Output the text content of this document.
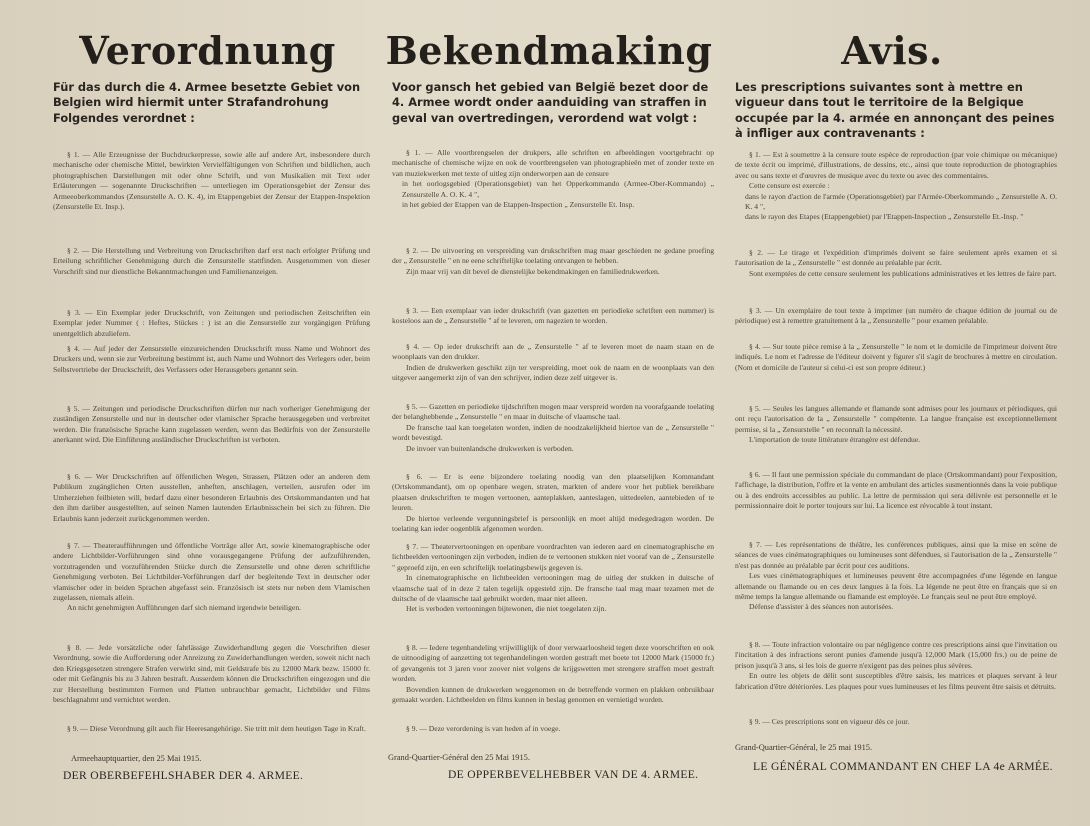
Verordnung
Für das durch die 4. Armee besetzte Gebiet von Belgien wird hiermit unter Strafandrohung Folgendes verordnet :

§ 1. — Alle Erzeugnisse der Buchdruckerpresse, sowie alle auf andere Art, insbesondere durch mechanische oder chemische Mittel, bewirkten Vervielfältigungen von Schriften und bildlichen, auch photographischen Darstellungen mit oder ohne Schrift, und von Musikalien mit Text oder Erläuterungen — sogenannte Druckschriften — unterliegen im Operationsgebiet der Zensur des Armeeoberkommandos (Zensurstelle A. O. K. 4), im Etappengebiet der Zensur der Etappen-Inspektion (Zensurstelle Et. Insp.).

§ 2. — Die Herstellung und Verbreitung von Druckschriften darf erst nach erfolgter Prüfung und Erteilung schriftlicher Genehmigung durch die Zensurstelle stattfinden. Ausgenommen von dieser Vorschrift sind nur dienstliche Bekanntmachungen und Familienanzeigen.

§ 3. — Ein Exemplar jeder Druckschrift, von Zeitungen und periodischen Zeitschriften ein Exemplar jeder Nummer ( : Heftes, Stückes : ) ist an die Zensurstelle zur vorgängigen Prüfung unentgeltlich abzuliefern.

§ 4. — Auf jeder der Zensurstelle einzureichenden Druckschrift muss Name und Wohnort des Druckers und, wenn sie zur Verbreitung bestimmt ist, auch Name und Wohnort des Verlegers oder, beim Selbstvertriebe der Druckschrift, des Verfassers oder Herausgebers genannt sein.

§ 5. — Zeitungen und periodische Druckschriften dürfen nur nach vorheriger Genehmigung der zuständigen Zensurstelle und nur in deutscher oder vlamischer Sprache herausgegeben und verbreitet werden. Die französische Sprache kann zugelassen werden, wenn das Bedürfnis von der Zensurstelle anerkannt wird. Die Einführung ausländischer Druckschriften ist verboten.

§ 6. — Wer Druckschriften auf öffentlichen Wegen, Strassen, Plätzen oder an anderen dem Publikum zugänglichen Orten ausstellen, anheften, anschlagen, verteilen, ausrufen oder im Umherziehen feilbieten will, bedarf dazu einer besonderen Erlaubnis des Ortskommandanten und hat den ihm darüber ausgestellten, auf seinen Namen lautenden Erlaubnisschein bei sich zu führen. Die Erlaubnis kann jederzeit zurückgenommen werden.

§ 7. — Theateraufführungen und öffentliche Vorträge aller Art, sowie kinematographische oder andere Lichtbilder-Vorführungen sind ohne vorausgegangene Prüfung der aufzuführenden, vorzutragenden und vorzuführenden Stücke durch die Zensurstelle und ohne deren schriftliche Genehmigung verboten. Bei Lichtbilder-Vorführungen darf der begleitende Text in deutscher oder vlamischer oder in beiden Sprachen abgefasst sein. Französisch ist stets nur neben dem Vlamischen zugelassen, niemals allein.

An nicht genehmigten Aufführungen darf sich niemand irgendwie beteiligen.

§ 8. — Jede vorsätzliche oder fahrlässige Zuwiderhandlung gegen die Vorschriften dieser Verordnung, sowie die Aufforderung oder Anreizung zu Zuwiderhandlungen werden, soweit nicht nach den Kriegsgesetzen strengere Strafen verwirkt sind, mit Geldstrafe bis zu 12000 Mark bezw. 15000 fr. oder mit Gefängnis bis zu 3 Jahren bestraft. Ausserdem können die Druckschriften eingezogen und die zur Herstellung bestimmten Formen und Platten unbrauchbar gemacht, Lichtbilder und Films beschlagnahmt und vernichtet werden.

§ 9. — Diese Verordnung gilt auch für Heeresangehörige. Sie tritt mit dem heutigen Tage in Kraft.

Armeehauptquartier, den 25 Mai 1915.
DER OBERBEFEHLSHABER DER 4. ARMEE.
Bekendmaking
Voor gansch het gebied van België bezet door de 4. Armee wordt onder aanduiding van straffen in geval van overtredingen, verordend wat volgt :

§ 1. — Alle voortbrengselen der drukpers, alle schriften en afbeeldingen voortgebracht op mechanische of chemische wijze en ook de voortbrengselen van photographieën met of zonder texte en van muziekwerken met texte of uitleg zijn onderworpen aan de censure

in het oorlogsgebied (Operationsgebiet) van het Opperkommando (Armee-Ober-Kommando) „ Zensurstelle A. O. K. 4 ",

in het gebied der Etappen van de Etappen-Inspection „ Zensurstelle Et. Insp.

§ 2. — De uitvoering en verspreiding van drukschriften mag maar geschieden ne gedane proefing der „ Zensurstelle " en ne eene schriftelijke toelating ontvangen te hebben.

Zijn maar vrij van dit bevel de dienstelijke bekendmakingen en familiedrukwerken.

§ 3. — Een exemplaar van ieder drukschrift (van gazetten en periodieke schriften een nummer) is kosteloos aan de „ Zensurstelle " af te leveren, om nagezien te worden.

§ 4. — Op ieder drukschrift aan de „ Zensurstelle " af te leveren moet de naam staan en de woonplaats van den drukker.

Indien de drukwerken geschikt zijn ter verspreiding, moet ook de naam en de woonplaats van den uitgever aangemerkt zijn of van den schrijver, indien deze zelf uitgever is.

§ 5. — Gazetten en periodieke tijdschriften mogen maar verspreid worden na voorafgaande toelating der belanghebbende „ Zensurstelle " en maar in duitsche of vlaamsche taal.

De fransche taal kan toegelaten worden, indien de noodzakelijkheid hiertoe van de „ Zensurstelle " wordt bevestigd.

De invoer van buitenlandsche drukwerken is verboden.

§ 6. — Er is eene bijzondere toelating noodig van den plaatselijken Kommandant (Ortskommandant), om op openbare wegen, straten, markten of andere voor het publiek bereikbare plaatsen drukschriften te mogen vertoonen, aanteplakken, aanteslagen, uittedeelen, aantebieden of te leuren.

De hiertoe verleende vergunningsbrief is persoonlijk en moet altijd medegedragen worden. De toelating kan ieder oogenblik afgenomen worden.

§ 7. — Theatervertooningen en openbare voordrachten van iederen aard en cinematographische en lichtbeelden vertooningen zijn verboden, indien de te vertoonen stukken niet vooraf van de „ Zensurstelle " geproefd zijn, en een schriftelijk toelatingsbewijs gegeven is.

In cinematographische en lichtbeelden vertooningen mag de uitleg der stukken in duitsche of vlaamsche taal of in deze 2 talen tegelijk opgesteld zijn. De fransche taal mag maar tezamen met de duitsche of de vlaamsche taal gebruikt worden, maar niet alleen.

Het is verboden vertooningen bijtewonen, die niet toegelaten zijn.

§ 8. — Iedere tegenhandeling vrijwilliglijk of door verwaarloosheid tegen deze voorschriften en ook de uitnoodiging of aanzetting tot tegenhandelingen worden gestraft met boete tot 12000 Mark (15000 fr.) of gevangenis tot 3 jaren voor zoover niet volgens de krijgswetten met strengere straffen moet gestraft worden.

Bovendien kunnen de drukwerken weggenomen en de betreffende vormen en plakken onbruikbaar gemaakt worden. Lichtbeelden en films kunnen in beslag genomen en vernietigd worden.

§ 9. — Deze verordening is van heden af in voege.

Grand-Quartier-Général den 25 Mai 1915.
DE OPPERBEVELHEBBER VAN DE 4. ARMEE.
Avis.
Les prescriptions suivantes sont à mettre en vigueur dans tout le territoire de la Belgique occupée par la 4. armée en annonçant des peines à infliger aux contravenants :

§ 1. — Est à soumettre à la censure toute espèce de reproduction (par voie chimique ou mécanique) de texte écrit ou imprimé, d'illustrations, de dessins, etc., ainsi que toute reproduction de photographies avec ou sans texte et d'œuvres de musique avec du texte ou avec des commentaires.

Cette censure est exercée :

dans le rayon d'action de l'armée (Operationsgebiet) par l'Armée-Oberkommando „ Zensurstelle A. O. K. 4 ",

dans le rayon des Etapes (Etappengebiet) par l'Etappen-Inspection „ Zensurstelle Et.-Insp. "

§ 2. — Le tirage et l'expédition d'imprimés doivent se faire seulement après examen et si l'autorisation de la „ Zensurstelle " est donnée au préalable par écrit.

Sont exemptées de cette censure seulement les publications administratives et les lettres de faire part.

§ 3. — Un exemplaire de tout texte à imprimer (un numéro de chaque édition de journal ou de périodique) est à remettre gratuitement à la „ Zensurstelle " pour examen préalable.

§ 4. — Sur toute pièce remise à la „ Zensurstelle " le nom et le domicile de l'imprimeur doivent être indiqués. Le nom et l'adresse de l'éditeur doivent y figurer s'il s'agit de brochures à mettre en circulation. (Nom et domicile de l'auteur si celui-ci est son propre éditeur.)

§ 5. — Seules les langues allemande et flamande sont admises pour les journaux et périodiques, qui ont reçu l'autorisation de la „ Zensurstelle " compétente. La langue française est exceptionnellement permise, si la „ Zensurstelle " en reconnaît la nécessité.

L'importation de toute littérature étrangère est défendue.

§ 6. — Il faut une permission spéciale du commandant de place (Ortskommandant) pour l'exposition, l'affichage, la distribution, l'offre et la vente en ambulant des articles susmentionnés dans la voie publique ou à des endroits accessibles au public. La lettre de permission qui sera délivrée est personnelle et le permissionnaire doit le porter toujours sur lui. La licence est révocable à tout instant.

§ 7. — Les représentations de théâtre, les conférences publiques, ainsi que la mise en scène de séances de vues cinématographiques ou lumineuses sont défendues, si l'autorisation de la „ Zensurstelle " n'est pas donnée au préalable par écrit pour ces auditions.

Les vues cinématographiques et lumineuses peuvent être accompagnées d'une légende en langue allemande ou flamande ou en ces deux langues à la fois. La légende ne peut être en français que si en même temps la langue allemande ou flamande est employée. Le français seul ne peut être employé.

Défense d'assister à des séances non autorisées.

§ 8. — Toute infraction volontaire ou par négligence contre ces prescriptions ainsi que l'invitation ou l'incitation à des infractions seront punies d'amende jusqu'à 12,000 Mark (15,000 frs.) ou de peine de prison jusqu'à 3 ans, si les lois de guerre n'exigent pas des peines plus sévères.

En outre les objets de délit sont susceptibles d'être saisis, les matrices et plaques servant à leur fabrication d'être détériorées. Les plaques pour vues lumineuses et les films peuvent être saisis et détruits.

§ 9. — Ces prescriptions sont en vigueur dès ce jour.

Grand-Quartier-Général, le 25 mai 1915.
LE GÉNÉRAL COMMANDANT EN CHEF LA 4e ARMÉE.
